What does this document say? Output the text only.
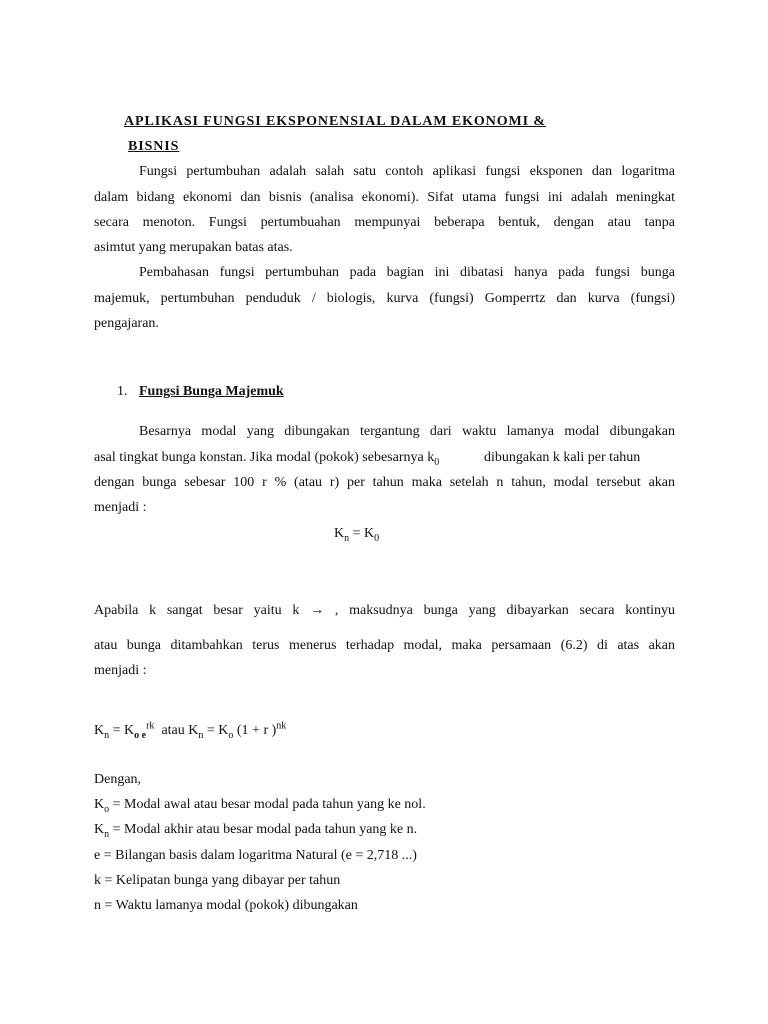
APLIKASI FUNGSI EKSPONENSIAL DALAM EKONOMI &
BISNIS
Fungsi pertumbuhan adalah salah satu contoh aplikasi fungsi eksponen dan logaritma
dalam bidang ekonomi dan bisnis (analisa ekonomi). Sifat utama fungsi ini adalah meningkat
secara menoton. Fungsi pertumbuahan mempunyai beberapa bentuk, dengan atau tanpa
asimtut yang merupakan batas atas.
Pembahasan fungsi pertumbuhan pada bagian ini dibatasi hanya pada fungsi bunga
majemuk, pertumbuhan penduduk / biologis, kurva (fungsi) Gomperrtz dan kurva (fungsi)
pengajaran.
1. Fungsi Bunga Majemuk
Besarnya modal yang dibungakan tergantung dari waktu lamanya modal dibungakan
asal tingkat bunga konstan. Jika modal (pokok) sebesarnya $k_0$	dibungakan k kali per tahun
dengan bunga sebesar 100 r % (atau r) per tahun maka setelah n tahun, modal tersebut akan
menjadi :
$K_n = K_0$
Apabila k sangat besar yaitu k → , maksudnya bunga yang dibayarkan secara kontinyu
atau bunga ditambahkan terus menerus terhadap modal, maka persamaan (6.2) di atas akan
menjadi :
$K_n = K_{o e}^{rk}$  atau $K_n = K_o$ (1 + r )$^{nk}$
Dengan,
$K_o$ = Modal awal atau besar modal pada tahun yang ke nol.
$K_n$ = Modal akhir atau besar modal pada tahun yang ke n.
e = Bilangan basis dalam logaritma Natural (e = 2,718 ...)
k = Kelipatan bunga yang dibayar per tahun
n = Waktu lamanya modal (pokok) dibungakan
